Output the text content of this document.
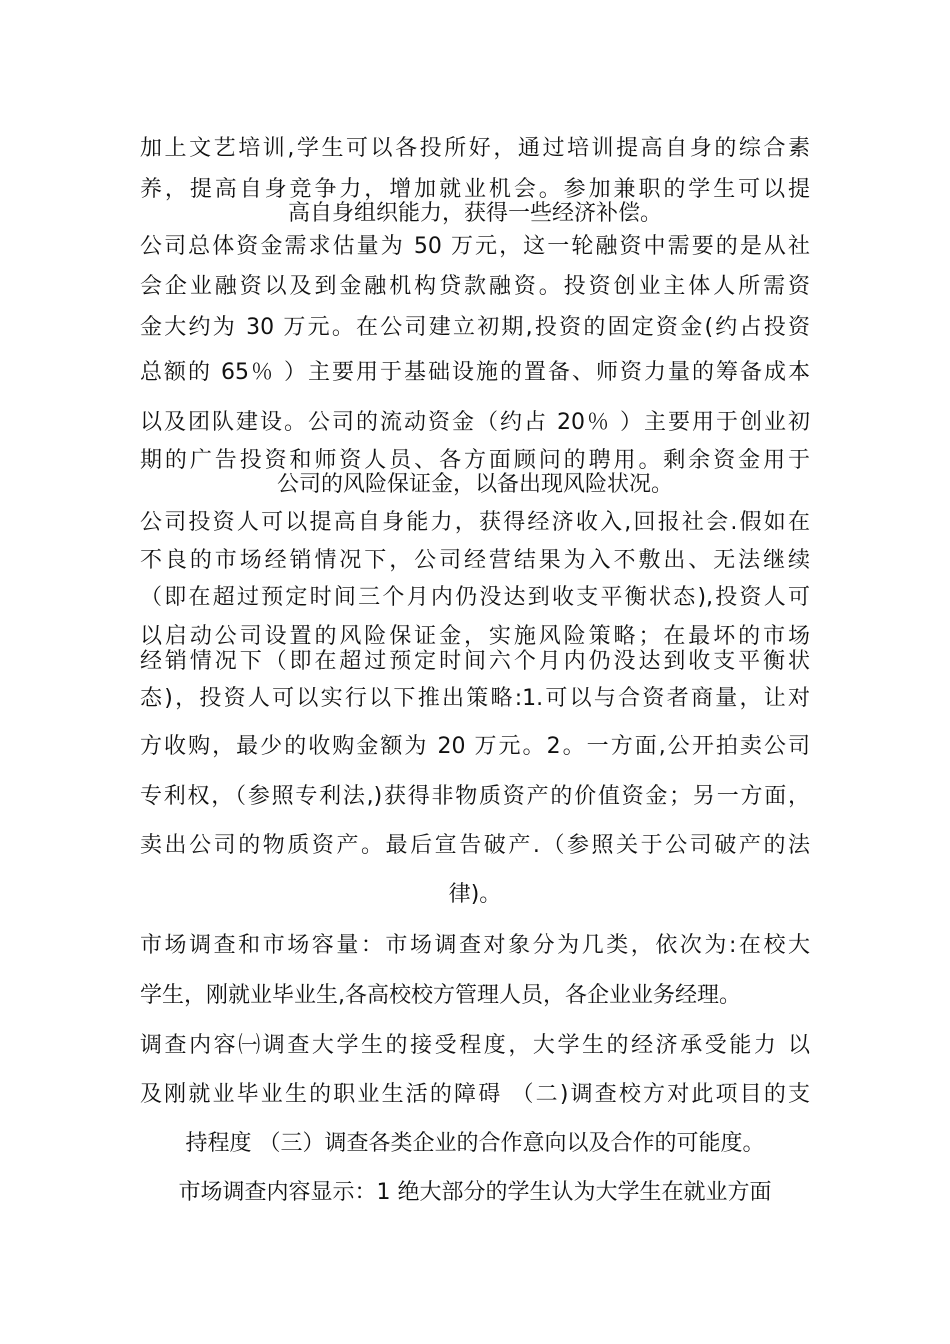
加上文艺培训,学生可以各投所好，通过培训提高自身的综合素
养，提高自身竞争力，增加就业机会。参加兼职的学生可以提
高自身组织能力，获得一些经济补偿。
公司总体资金需求估量为 50 万元，这一轮融资中需要的是从社
会企业融资以及到金融机构贷款融资。投资创业主体人所需资
金大约为 30 万元。在公司建立初期,投资的固定资金(约占投资
总额的 65％ ）主要用于基础设施的置备、师资力量的筹备成本
以及团队建设。公司的流动资金（约占 20％ ）主要用于创业初
期的广告投资和师资人员、各方面顾问的聘用。剩余资金用于
公司的风险保证金，以备出现风险状况。
公司投资人可以提高自身能力，获得经济收入,回报社会.假如在
不良的市场经销情况下，公司经营结果为入不敷出、无法继续
（即在超过预定时间三个月内仍没达到收支平衡状态),投资人可
以启动公司设置的风险保证金，实施风险策略；在最坏的市场
经销情况下（即在超过预定时间六个月内仍没达到收支平衡状
态)，投资人可以实行以下推出策略:1.可以与合资者商量，让对
方收购，最少的收购金额为 20 万元。2。一方面,公开拍卖公司
专利权，（参照专利法,)获得非物质资产的价值资金；另一方面，
卖出公司的物质资产。最后宣告破产.（参照关于公司破产的法
律)。
市场调查和市场容量：市场调查对象分为几类，依次为:在校大
学生，刚就业毕业生,各高校校方管理人员，各企业业务经理。
调查内容㈠调查大学生的接受程度，大学生的经济承受能力 以
及刚就业毕业生的职业生活的障碍 （二)调查校方对此项目的支
持程度 （三）调查各类企业的合作意向以及合作的可能度。
市场调查内容显示：1 绝大部分的学生认为大学生在就业方面
